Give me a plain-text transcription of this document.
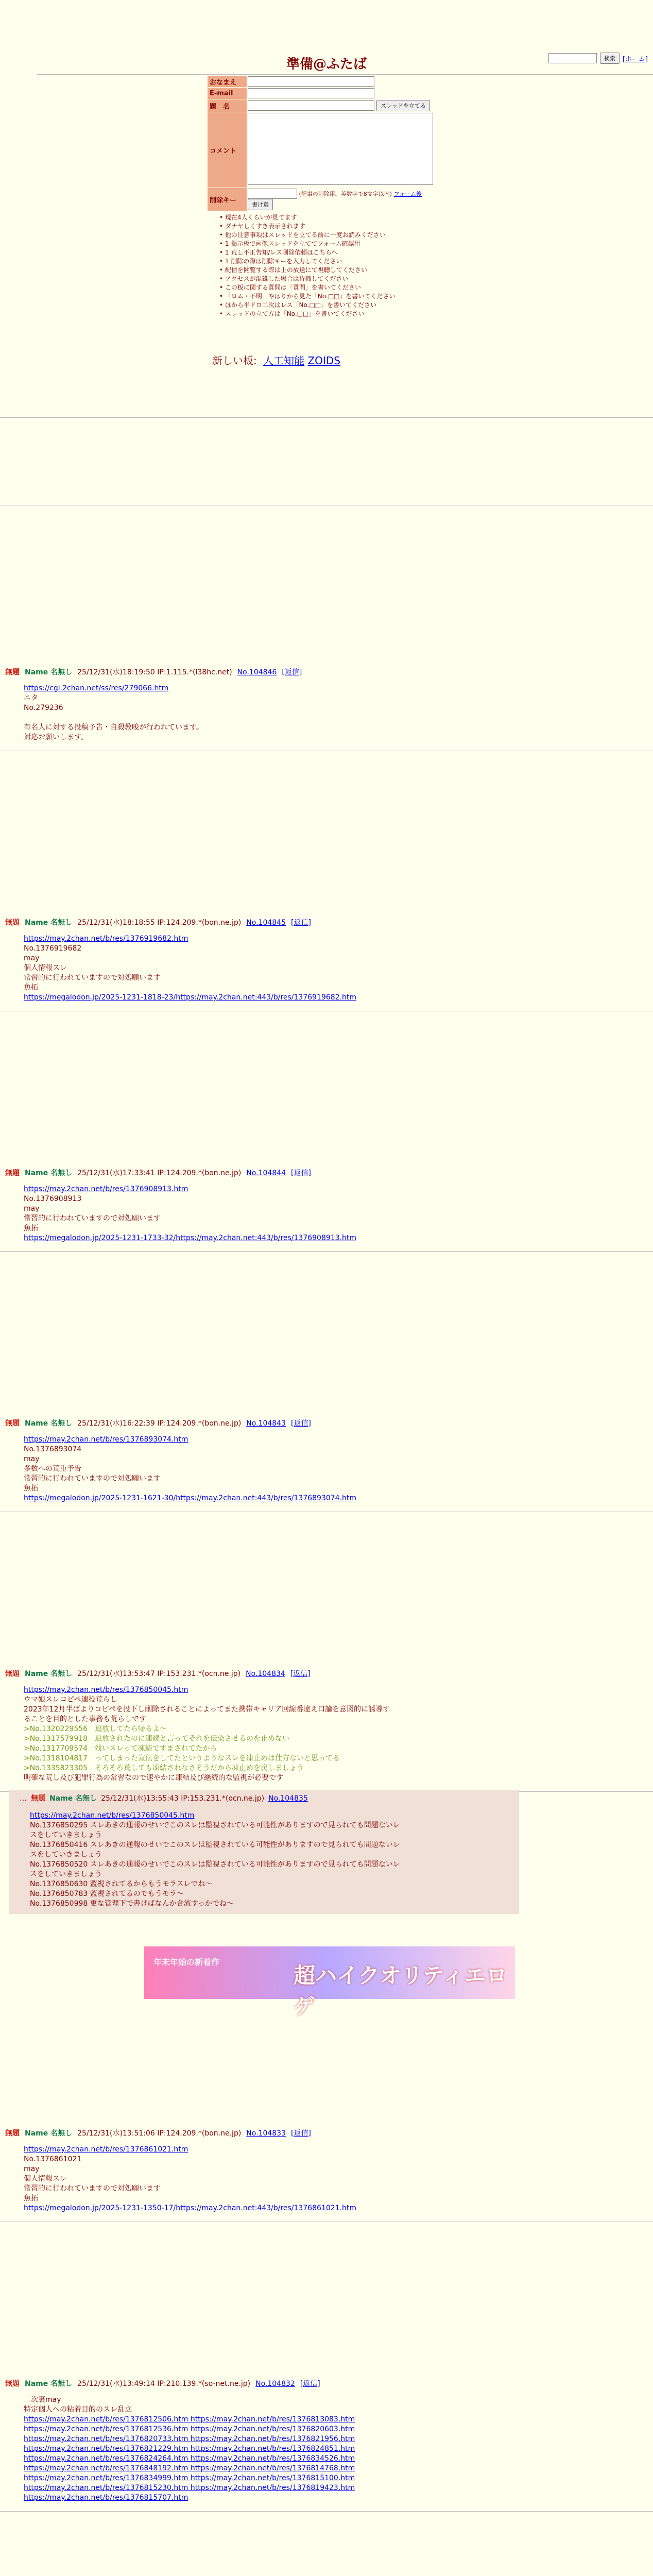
検索	[ホーム]
準備@ふたば
おなまえ	
E-mail	
題　名	スレッドを立てる
コメント	
削除キー	(記事の削除用。英数字で8文字以内) フォーム後
書け選
• 現在4人くらいが見てます
• ダナヤしくすき表示されます
• 他の注意事項はスレッドを立てる前に一度お読みください
• 1 掲示板で画像スレッドを立ててフォーム確認用
• 1 荒し不正告知/レス削除依頼はこちらへ
• 1 削除の際は削除キーを入力してください
• 配信を閲覧する際は上の放送にて視聴してください
• アクセスが混雑した場合は待機してください
• この板に関する質問は「質問」を書いてください
• 「ロム・不明」やはりから見た「No.□□」を書いてください
• ほから半ドロ二次はレス「No.□□」を書いてください
• スレッドの立て方は「No.□□」を書いてください
新しい板: 人工知能 ZOIDS
無題 Name 名無し 25/12/31(水)18:19:50 IP:1.115.*(l38hc.net) No.104846 [返信]
https://cgi.2chan.net/ss/res/279066.htm
ニタ
No.279236

有名人に対する投稿予告・自殺教唆が行われています。
対応お願いします。
無題 Name 名無し 25/12/31(水)18:18:55 IP:124.209.*(bon.ne.jp) No.104845 [返信]
https://may.2chan.net/b/res/1376919682.htm
No.1376919682
may
個人情報スレ
常習的に行われていますので対処願います
魚拓
https://megalodon.jp/2025-1231-1818-23/https://may.2chan.net:443/b/res/1376919682.htm
無題 Name 名無し 25/12/31(水)17:33:41 IP:124.209.*(bon.ne.jp) No.104844 [返信]
https://may.2chan.net/b/res/1376908913.htm
No.1376908913
may
常習的に行われていますので対処願います
魚拓
https://megalodon.jp/2025-1231-1733-32/https://may.2chan.net:443/b/res/1376908913.htm
無題 Name 名無し 25/12/31(水)16:22:39 IP:124.209.*(bon.ne.jp) No.104843 [返信]
https://may.2chan.net/b/res/1376893074.htm
No.1376893074
may
多数への荒重予告
常習的に行われていますので対処願います
魚拓
https://megalodon.jp/2025-1231-1621-30/https://may.2chan.net:443/b/res/1376893074.htm
無題 Name 名無し 25/12/31(水)13:53:47 IP:153.231.*(ocn.ne.jp) No.104834 [返信]
https://may.2chan.net/b/res/1376850045.htm
ウマ娘スレコピペ連投荒らし
2023年12月半ばよりコピペを投下し削除されることによってまた携帯キャリア回線番違え口論を意図的に誘導す
ることを目的とした事務も荒らしです
>No.1320229556　追放してたら帰るよ～
>No.1317579918　追放されたのに連続と言ってそれを伝染させるのを止めない
>No.1317709574　残いスレって凍結ですまされてたから
>No.1318104817　ってしまった宣伝をしてたというようなスレを凍止めは仕方ないと思ってる
>No.1335823305　そろそろ荒しても凍結されなさそうだから凍止めを戻しましょう
明確な荒し及び犯罪行為の常習なので速やかに凍結及び継続的な監視が必要です
無題 Name 名無し 25/12/31(水)13:51:06 IP:124.209.*(bon.ne.jp) No.104833 [返信]
https://may.2chan.net/b/res/1376861021.htm
No.1376861021
may
個人情報スレ
常習的に行われていますので対処願います
魚拓
https://megalodon.jp/2025-1231-1350-17/https://may.2chan.net:443/b/res/1376861021.htm
無題 Name 名無し 25/12/31(水)13:49:14 IP:210.139.*(so-net.ne.jp) No.104832 [返信]
二次裏may
特定個人への粘着目的のスレ乱立
https://may.2chan.net/b/res/1376812506.htm https://may.2chan.net/b/res/1376813083.htm
https://may.2chan.net/b/res/1376812536.htm https://may.2chan.net/b/res/1376820603.htm
https://may.2chan.net/b/res/1376820733.htm https://may.2chan.net/b/res/1376821956.htm
https://may.2chan.net/b/res/1376821229.htm https://may.2chan.net/b/res/1376824851.htm
https://may.2chan.net/b/res/1376824264.htm https://may.2chan.net/b/res/1376834526.htm
https://may.2chan.net/b/res/1376848192.htm https://may.2chan.net/b/res/1376814768.htm
https://may.2chan.net/b/res/1376834999.htm https://may.2chan.net/b/res/1376815100.htm
https://may.2chan.net/b/res/1376815230.htm https://may.2chan.net/b/res/1376819423.htm
https://may.2chan.net/b/res/1376815707.htm
… 無題 Name 名無し 25/12/31(水)13:55:43 IP:153.231.*(ocn.ne.jp) No.104835
https://may.2chan.net/b/res/1376850045.htm
No.1376850295 スレあきの通報のせいでこのスレは監視されている可能性がありますので見られても問題ないレ
スをしていきましょう
No.1376850416 スレあきの通報のせいでこのスレは監視されている可能性がありますので見られても問題ないレ
スをしていきましょう
No.1376850520 スレあきの通報のせいでこのスレは監視されている可能性がありますので見られても問題ないレ
スをしていきましょう
No.1376850630 監視されてるからもうモラスレでね～
No.1376850783 監視されてるのでもうモラ～
No.1376850998 更な管理下で書けばなんか合流すっかでね～
年末年始の新着作
超ハイクオリティエロゲ
